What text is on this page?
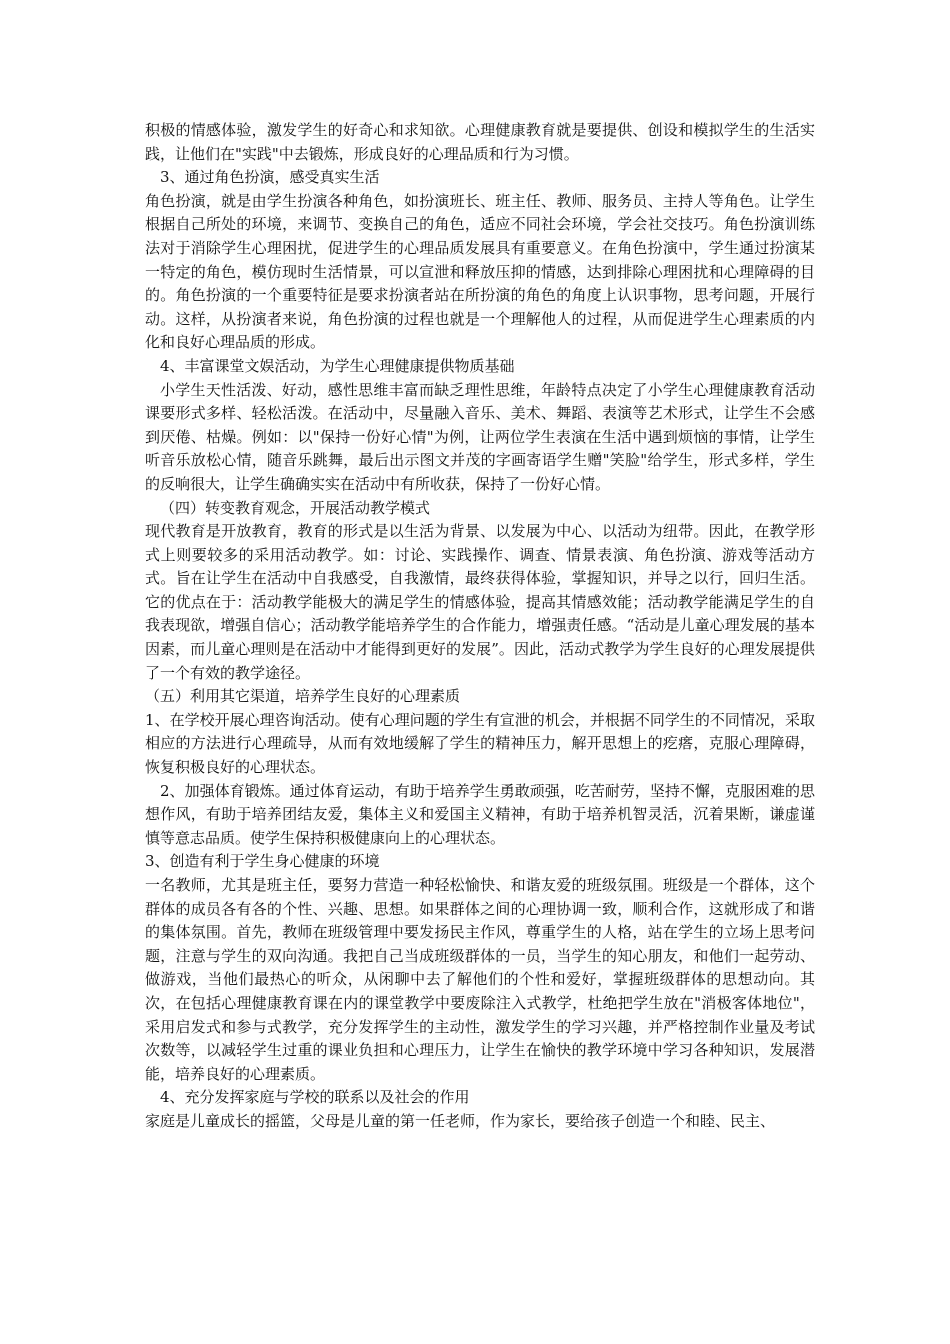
积极的情感体验，激发学生的好奇心和求知欲。心理健康教育就是要提供、创设和模拟学生的生活实践，让他们在"实践"中去锻炼，形成良好的心理品质和行为习惯。

3、通过角色扮演，感受真实生活

角色扮演，就是由学生扮演各种角色，如扮演班长、班主任、教师、服务员、主持人等角色。让学生根据自己所处的环境，来调节、变换自己的角色，适应不同社会环境，学会社交技巧。角色扮演训练法对于消除学生心理困扰，促进学生的心理品质发展具有重要意义。在角色扮演中，学生通过扮演某一特定的角色，模仿现时生活情景，可以宣泄和释放压抑的情感，达到排除心理困扰和心理障碍的目的。角色扮演的一个重要特征是要求扮演者站在所扮演的角色的角度上认识事物，思考问题，开展行动。这样，从扮演者来说，角色扮演的过程也就是一个理解他人的过程，从而促进学生心理素质的内化和良好心理品质的形成。

4、丰富课堂文娱活动，为学生心理健康提供物质基础

小学生天性活泼、好动，感性思维丰富而缺乏理性思维，年龄特点决定了小学生心理健康教育活动课要形式多样、轻松活泼。在活动中，尽量融入音乐、美术、舞蹈、表演等艺术形式，让学生不会感到厌倦、枯燥。例如：以"保持一份好心情"为例，让两位学生表演在生活中遇到烦恼的事情，让学生听音乐放松心情，随音乐跳舞，最后出示图文并茂的字画寄语学生赠"笑脸"给学生，形式多样，学生的反响很大，让学生确确实实在活动中有所收获，保持了一份好心情。

（四）转变教育观念，开展活动教学模式

现代教育是开放教育，教育的形式是以生活为背景、以发展为中心、以活动为纽带。因此，在教学形式上则要较多的采用活动教学。如：讨论、实践操作、调查、情景表演、角色扮演、游戏等活动方式。旨在让学生在活动中自我感受，自我激情，最终获得体验，掌握知识，并导之以行，回归生活。它的优点在于：活动教学能极大的满足学生的情感体验，提高其情感效能；活动教学能满足学生的自我表现欲，增强自信心；活动教学能培养学生的合作能力，增强责任感。“活动是儿童心理发展的基本因素，而儿童心理则是在活动中才能得到更好的发展”。因此，活动式教学为学生良好的心理发展提供了一个有效的教学途径。

（五）利用其它渠道，培养学生良好的心理素质

1、在学校开展心理咨询活动。使有心理问题的学生有宣泄的机会，并根据不同学生的不同情况，采取相应的方法进行心理疏导，从而有效地缓解了学生的精神压力，解开思想上的疙瘩，克服心理障碍，恢复积极良好的心理状态。

2、加强体育锻炼。通过体育运动，有助于培养学生勇敢顽强，吃苦耐劳，坚持不懈，克服困难的思想作风，有助于培养团结友爱，集体主义和爱国主义精神，有助于培养机智灵活，沉着果断，谦虚谨慎等意志品质。使学生保持积极健康向上的心理状态。

3、创造有利于学生身心健康的环境

一名教师，尤其是班主任，要努力营造一种轻松愉快、和谐友爱的班级氛围。班级是一个群体，这个群体的成员各有各的个性、兴趣、思想。如果群体之间的心理协调一致，顺利合作，这就形成了和谐的集体氛围。首先，教师在班级管理中要发扬民主作风，尊重学生的人格，站在学生的立场上思考问题，注意与学生的双向沟通。我把自己当成班级群体的一员，当学生的知心朋友，和他们一起劳动、做游戏，当他们最热心的听众，从闲聊中去了解他们的个性和爱好，掌握班级群体的思想动向。其次，在包括心理健康教育课在内的课堂教学中要废除注入式教学，杜绝把学生放在"消极客体地位"，采用启发式和参与式教学，充分发挥学生的主动性，激发学生的学习兴趣，并严格控制作业量及考试次数等，以减轻学生过重的课业负担和心理压力，让学生在愉快的教学环境中学习各种知识，发展潜能，培养良好的心理素质。

4、充分发挥家庭与学校的联系以及社会的作用

家庭是儿童成长的摇篮，父母是儿童的第一任老师，作为家长，要给孩子创造一个和睦、民主、
